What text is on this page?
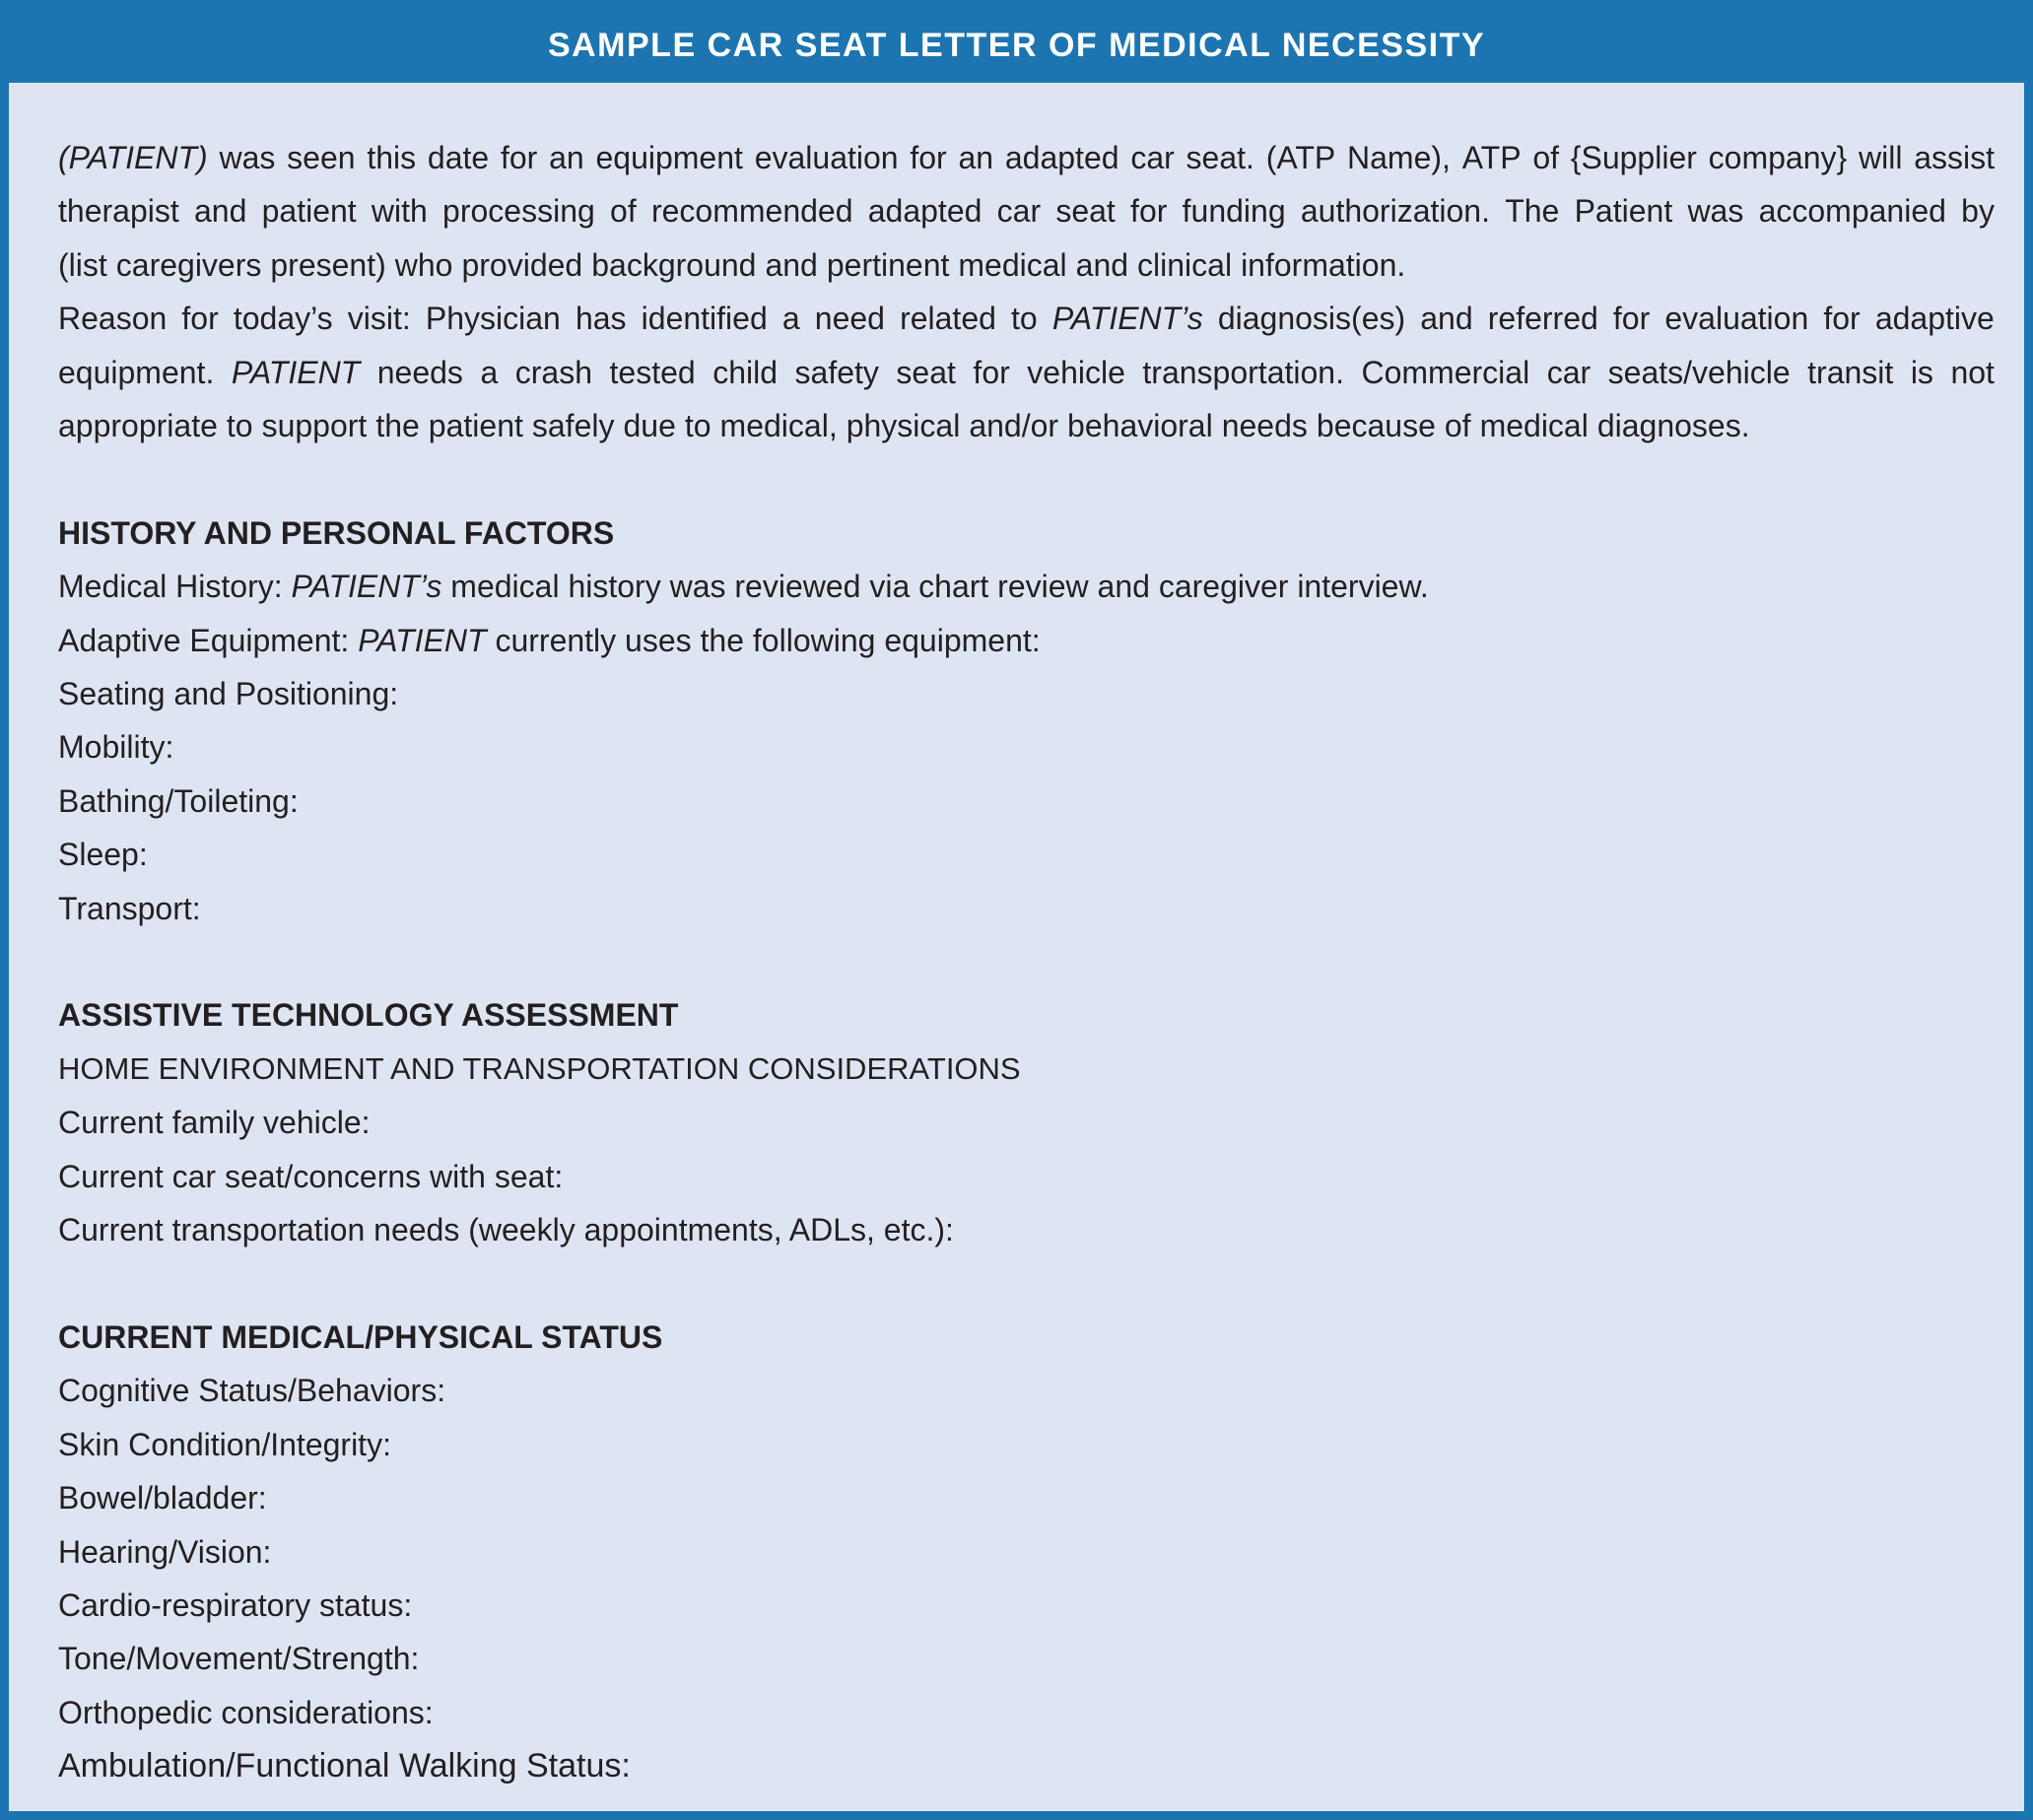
SAMPLE CAR SEAT LETTER OF MEDICAL NECESSITY
(PATIENT) was seen this date for an equipment evaluation for an adapted car seat. (ATP Name), ATP of {Supplier company} will assist
therapist and patient with processing of recommended adapted car seat for funding authorization. The Patient was accompanied by
(list caregivers present) who provided background and pertinent medical and clinical information.
Reason for today’s visit: Physician has identified a need related to PATIENT’s diagnosis(es) and referred for evaluation for adaptive
equipment. PATIENT needs a crash tested child safety seat for vehicle transportation. Commercial car seats/vehicle transit is not
appropriate to support the patient safely due to medical, physical and/or behavioral needs because of medical diagnoses.
HISTORY AND PERSONAL FACTORS
Medical History: PATIENT’s medical history was reviewed via chart review and caregiver interview.
Adaptive Equipment: PATIENT currently uses the following equipment:
Seating and Positioning:
Mobility:
Bathing/Toileting:
Sleep:
Transport:
ASSISTIVE TECHNOLOGY ASSESSMENT
HOME ENVIRONMENT AND TRANSPORTATION CONSIDERATIONS
Current family vehicle:
Current car seat/concerns with seat:
Current transportation needs (weekly appointments, ADLs, etc.):
CURRENT MEDICAL/PHYSICAL STATUS
Cognitive Status/Behaviors:
Skin Condition/Integrity:
Bowel/bladder:
Hearing/Vision:
Cardio-respiratory status:
Tone/Movement/Strength:
Orthopedic considerations:
Ambulation/Functional Walking Status:
